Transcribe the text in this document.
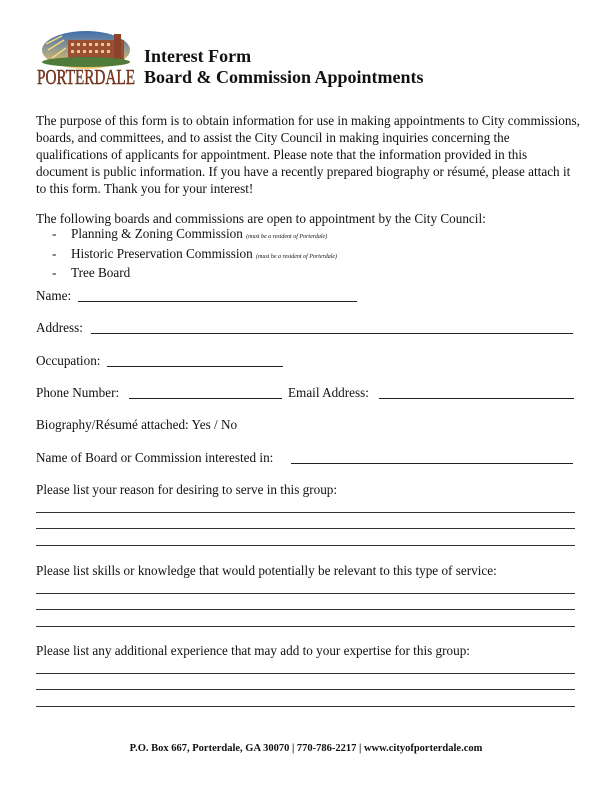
PORTERDALE
Interest Form
Board & Commission Appointments
The purpose of this form is to obtain information for use in making appointments to City commissions, boards, and committees, and to assist the City Council in making inquiries concerning the qualifications of applicants for appointment. Please note that the information provided in this document is public information. If you have a recently prepared biography or résumé, please attach it to this form. Thank you for your interest!
The following boards and commissions are open to appointment by the City Council:
- Planning & Zoning Commission (must be a resident of Porterdale)
- Historic Preservation Commission (must be a resident of Porterdale)
- Tree Board
Name:
Address:
Occupation:
Phone Number:	Email Address:
Biography/Résumé attached: Yes / No
Name of Board or Commission interested in:
Please list your reason for desiring to serve in this group:
Please list skills or knowledge that would potentially be relevant to this type of service:
Please list any additional experience that may add to your expertise for this group:
P.O. Box 667, Porterdale, GA 30070 | 770-786-2217 | www.cityofporterdale.com
